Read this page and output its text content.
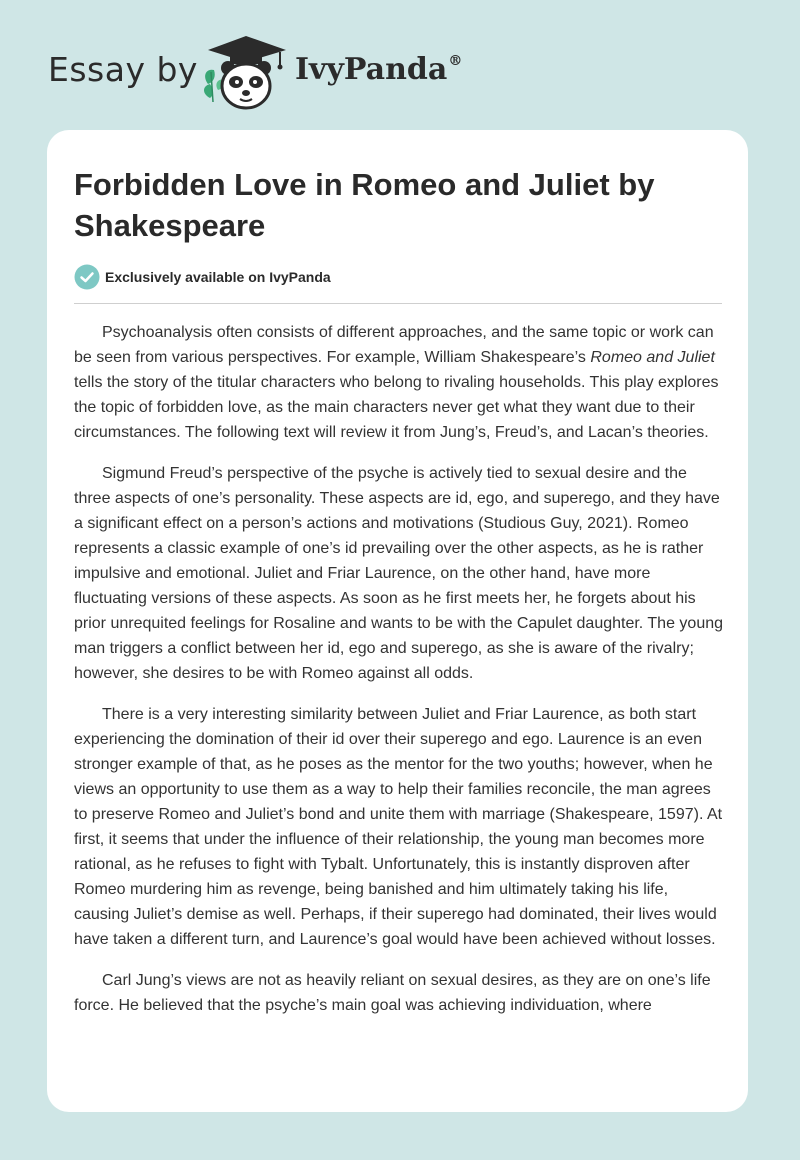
Essay by	IvyPanda®
Forbidden Love in Romeo and Juliet by Shakespeare
Exclusively available on IvyPanda

Psychoanalysis often consists of different approaches, and the same topic or work can be seen from various perspectives. For example, William Shakespeare’s Romeo and Juliet tells the story of the titular characters who belong to rivaling households. This play explores the topic of forbidden love, as the main characters never get what they want due to their circumstances. The following text will review it from Jung’s, Freud’s, and Lacan’s theories.

Sigmund Freud’s perspective of the psyche is actively tied to sexual desire and the three aspects of one’s personality. These aspects are id, ego, and superego, and they have a significant effect on a person’s actions and motivations (Studious Guy, 2021). Romeo represents a classic example of one’s id prevailing over the other aspects, as he is rather impulsive and emotional. Juliet and Friar Laurence, on the other hand, have more fluctuating versions of these aspects. As soon as he first meets her, he forgets about his prior unrequited feelings for Rosaline and wants to be with the Capulet daughter. The young man triggers a conflict between her id, ego and superego, as she is aware of the rivalry; however, she desires to be with Romeo against all odds.

There is a very interesting similarity between Juliet and Friar Laurence, as both start experiencing the domination of their id over their superego and ego. Laurence is an even stronger example of that, as he poses as the mentor for the two youths; however, when he views an opportunity to use them as a way to help their families reconcile, the man agrees to preserve Romeo and Juliet’s bond and unite them with marriage (Shakespeare, 1597). At first, it seems that under the influence of their relationship, the young man becomes more rational, as he refuses to fight with Tybalt. Unfortunately, this is instantly disproven after Romeo murdering him as revenge, being banished and him ultimately taking his life, causing Juliet’s demise as well. Perhaps, if their superego had dominated, their lives would have taken a different turn, and Laurence’s goal would have been achieved without losses.

Carl Jung’s views are not as heavily reliant on sexual desires, as they are on one’s life force. He believed that the psyche’s main goal was achieving individuation, where
